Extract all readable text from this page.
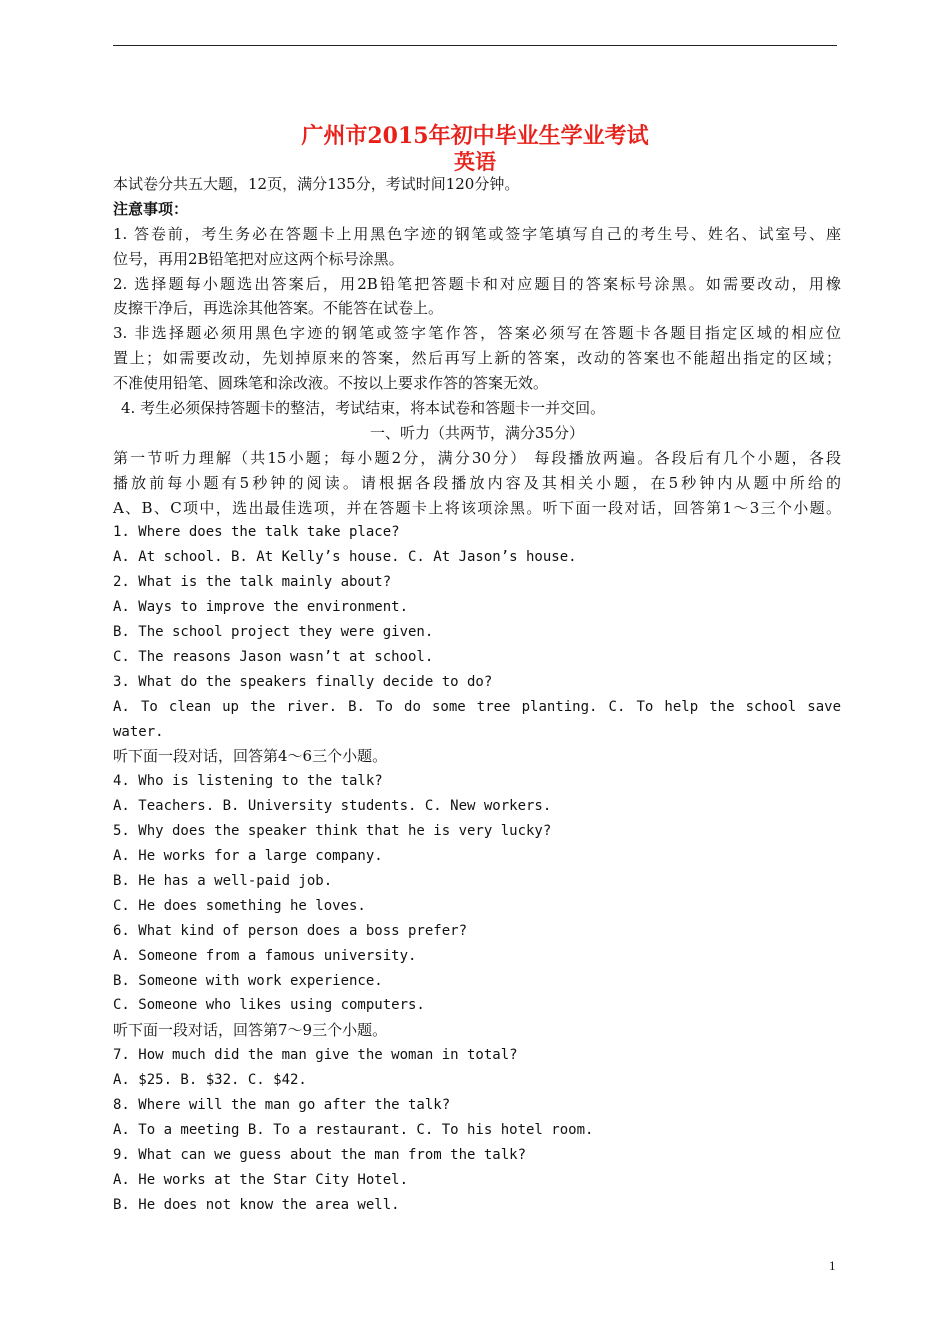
广州市2015年初中毕业生学业考试
英语
本试卷分共五大题，12页，满分135分，考试时间120分钟。
注意事项：
1. 答卷前，考生务必在答题卡上用黑色字迹的钢笔或签字笔填写自己的考生号、姓名、试室号、座
位号，再用2B铅笔把对应这两个标号涂黑。
2. 选择题每小题选出答案后，用2B铅笔把答题卡和对应题目的答案标号涂黑。如需要改动，用橡
皮擦干净后，再选涂其他答案。不能答在试卷上。
3. 非选择题必须用黑色字迹的钢笔或签字笔作答，答案必须写在答题卡各题目指定区域的相应位
置上；如需要改动，先划掉原来的答案，然后再写上新的答案，改动的答案也不能超出指定的区域；
不准使用铅笔、圆珠笔和涂改液。不按以上要求作答的答案无效。
4. 考生必须保持答题卡的整洁，考试结束，将本试卷和答题卡一并交回。
一、听力（共两节，满分35分）
第一节听力理解（共15小题；每小题2分，满分30分） 每段播放两遍。各段后有几个小题，各段
播放前每小题有5秒钟的阅读。请根据各段播放内容及其相关小题，在5秒钟内从题中所给的
A、B、C项中，选出最佳选项，并在答题卡上将该项涂黑。听下面一段对话，回答第1～3三个小题。
1. Where does the talk take place?
A. At school. B. At Kelly’s house. C. At Jason’s house.
2. What is the talk mainly about?
A. Ways to improve the environment.
B. The school project they were given.
C. The reasons Jason wasn’t at school.
3. What do the speakers finally decide to do?
A. To clean up the river. B. To do some tree planting. C. To help the school save
water.
听下面一段对话，回答第4～6三个小题。
4. Who is listening to the talk?
A. Teachers. B. University students. C. New workers.
5. Why does the speaker think that he is very lucky?
A. He works for a large company.
B. He has a well-paid job.
C. He does something he loves.
6. What kind of person does a boss prefer?
A. Someone from a famous university.
B. Someone with work experience.
C. Someone who likes using computers.
听下面一段对话，回答第7～9三个小题。
7. How much did the man give the woman in total?
A. $25. B. $32. C. $42.
8. Where will the man go after the talk?
A. To a meeting B. To a restaurant. C. To his hotel room.
9. What can we guess about the man from the talk?
A. He works at the Star City Hotel.
B. He does not know the area well.
1
